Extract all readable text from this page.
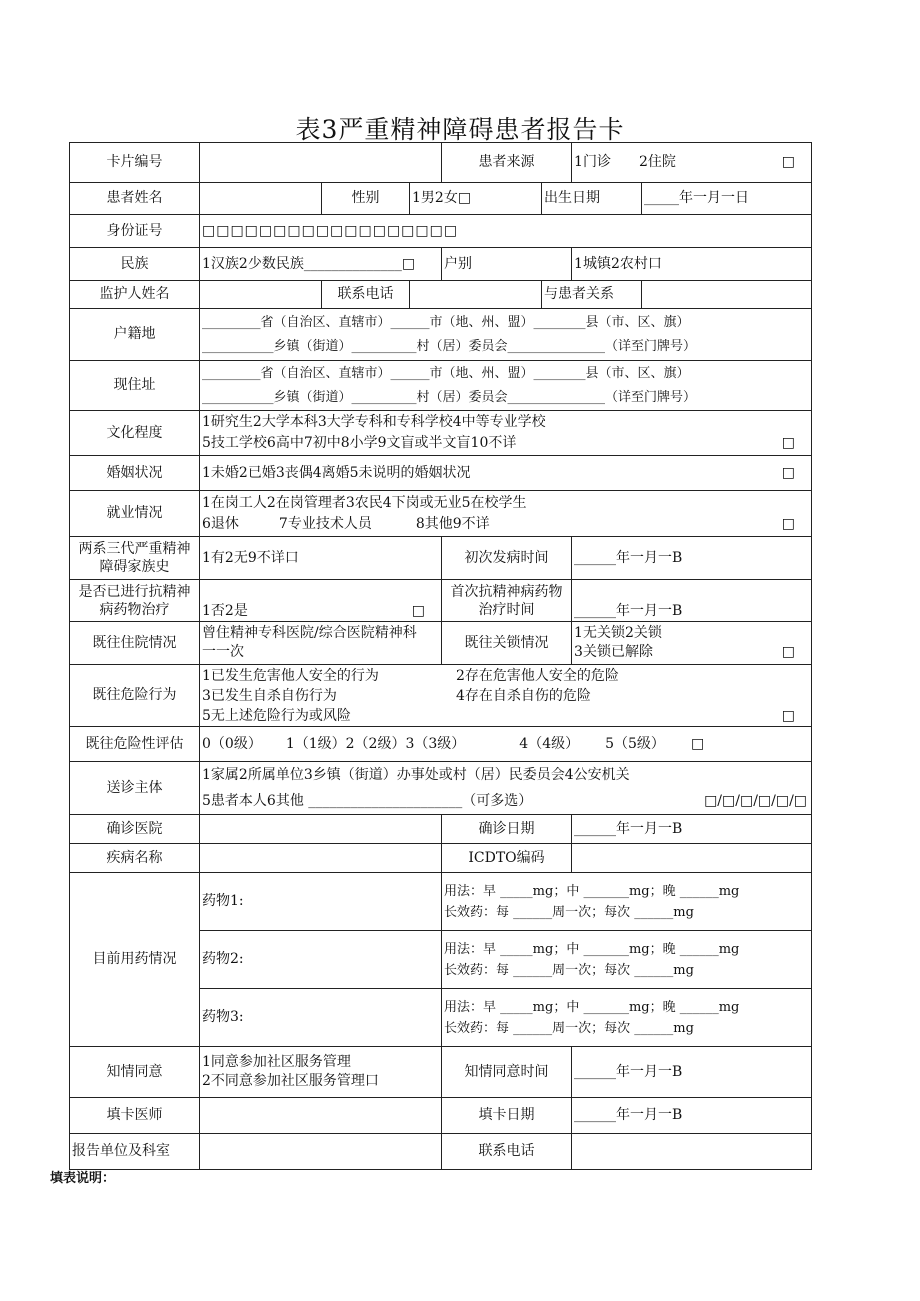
表3严重精神障碍患者报告卡
卡片编号				患者来源		1门诊　　2住院 □	

患者姓名		性别	1男2女□		出生日期		_____年一月一日
身份证号	□□□□□□□□□□□□□□□□□□						
民族	1汉族2少数民族______________□			户别		1城镇2农村口	
监护人姓名		联系电话			与患者关系		
户籍地	_________省（自治区、直辖市）______市（地、州、盟）________县（市、区、旗）
___________乡镇（街道）__________村（居）委员会_______________（详至门牌号）						

现住址	_________省（自治区、直辖市）______市（地、州、盟）________县（市、区、旗）
___________乡镇（街道）__________村（居）委员会_______________（详至门牌号）						

文化程度	1研究生2大学本科3大学专科和专科学校4中等专业学校
5技工学校6高中7初中8小学9文盲或半文盲10不详 □						

婚姻状况	1未婚2已婚3丧偶4离婚5未说明的婚姻状况 □						

就业情况	1在岗工人2在岗管理者3农民4下岗或无业5在校学生
6退休 7专业技术人员 8其他9不详 □						

两系三代严重精神
障碍家族史	1有2无9不详口			初次发病时间		______年一月一B	

是否已进行抗精神
病药物治疗	1否2是 □			首次抗精神病药物
治疗时间		______年一月一B	
既往住院情况	曾住精神专科医院/综合医院精神科
一一次			既往关锁情况		1无关锁2关锁
3关锁已解除 □	

既往危险行为	1已发生危害他人安全的行为 2存在危害他人安全的危险
3已发生自杀自伤行为 4存在自杀自伤的危险
5无上述危险行为或风险 □						

既往危险性评估	0（0级） 1（1级）2（2级）3（3级） 4（4级） 5（5级） □						
送诊主体	1家属2所属单位3乡镇（街道）办事处或村（居）民委员会4公安机关
5患者本人6其他 ______________________（可多选） □/□/□/□/□/□						

确诊医院				确诊日期		______年一月一B	
疾病名称				ICDTO编码			
目前用药情况	药物1:			用法：早 _____mg；中 _______mg；晚 ______mg
长效药：每 ______周一次；每次 ______mg			

	药物2:			用法：早 _____mg；中 _______mg；晚 ______mg
长效药：每 ______周一次；每次 ______mg			

	药物3:			用法：早 _____mg；中 _______mg；晚 ______mg
长效药：每 ______周一次；每次 ______mg			

知情同意	1同意参加社区服务管理
2不同意参加社区服务管理口			知情同意时间		______年一月一B	
填卡医师				填卡日期		______年一月一B	
报告单位及科室				联系电话			
填表说明：
